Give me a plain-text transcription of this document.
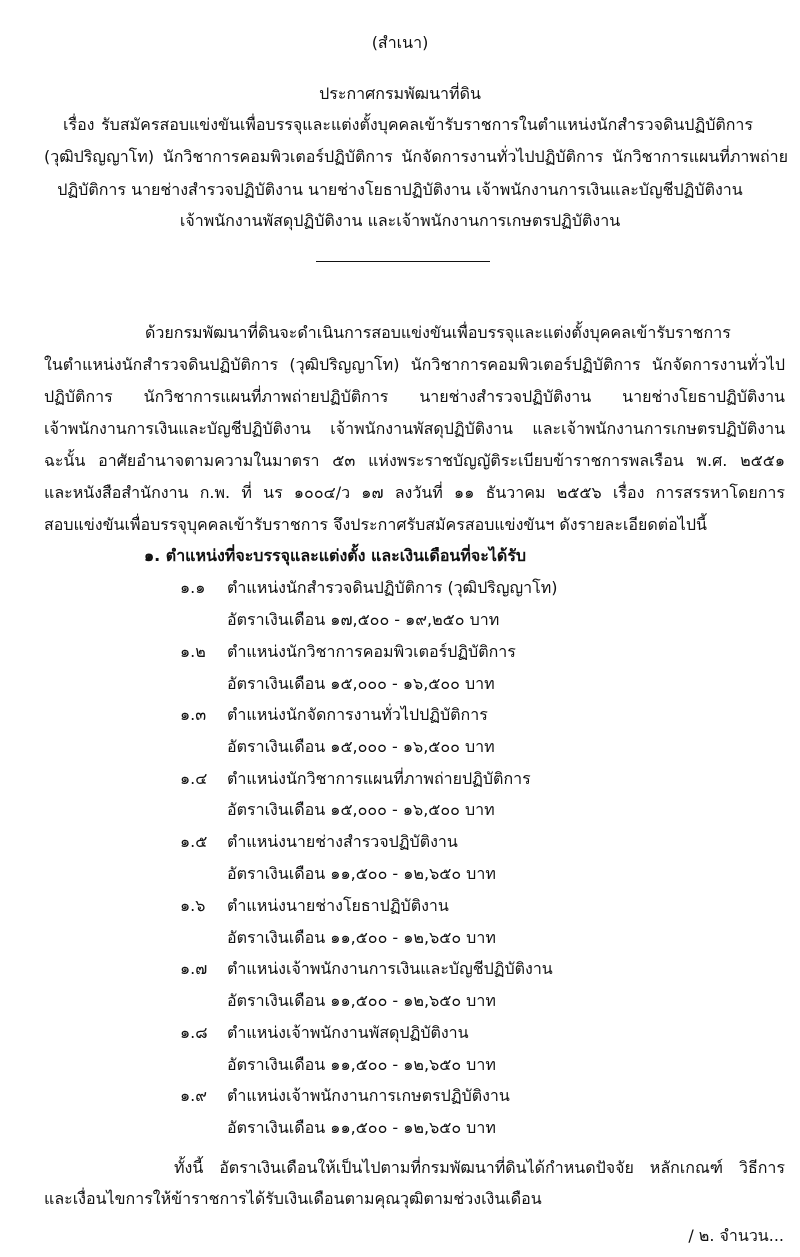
(สำเนา)
ประกาศกรมพัฒนาที่ดิน
เรื่อง รับสมัครสอบแข่งขันเพื่อบรรจุและแต่งตั้งบุคคลเข้ารับราชการในตำแหน่งนักสำรวจดินปฏิบัติการ
(วุฒิปริญญาโท) นักวิชาการคอมพิวเตอร์ปฏิบัติการ นักจัดการงานทั่วไปปฏิบัติการ นักวิชาการแผนที่ภาพถ่าย
ปฏิบัติการ นายช่างสำรวจปฏิบัติงาน นายช่างโยธาปฏิบัติงาน เจ้าพนักงานการเงินและบัญชีปฏิบัติงาน
เจ้าพนักงานพัสดุปฏิบัติงาน และเจ้าพนักงานการเกษตรปฏิบัติงาน
ด้วยกรมพัฒนาที่ดินจะดำเนินการสอบแข่งขันเพื่อบรรจุและแต่งตั้งบุคคลเข้ารับราชการ
ในตำแหน่งนักสำรวจดินปฏิบัติการ (วุฒิปริญญาโท) นักวิชาการคอมพิวเตอร์ปฏิบัติการ นักจัดการงานทั่วไป
ปฏิบัติการ นักวิชาการแผนที่ภาพถ่ายปฏิบัติการ นายช่างสำรวจปฏิบัติงาน นายช่างโยธาปฏิบัติงาน
เจ้าพนักงานการเงินและบัญชีปฏิบัติงาน เจ้าพนักงานพัสดุปฏิบัติงาน และเจ้าพนักงานการเกษตรปฏิบัติงาน
ฉะนั้น อาศัยอำนาจตามความในมาตรา ๕๓ แห่งพระราชบัญญัติระเบียบข้าราชการพลเรือน พ.ศ. ๒๕๕๑
และหนังสือสำนักงาน ก.พ. ที่ นร ๑๐๐๔/ว ๑๗ ลงวันที่ ๑๑ ธันวาคม ๒๕๕๖ เรื่อง การสรรหาโดยการ
สอบแข่งขันเพื่อบรรจุบุคคลเข้ารับราชการ จึงประกาศรับสมัครสอบแข่งขันฯ ดังรายละเอียดต่อไปนี้
๑. ตำแหน่งที่จะบรรจุและแต่งตั้ง และเงินเดือนที่จะได้รับ
๑.๑ ตำแหน่งนักสำรวจดินปฏิบัติการ (วุฒิปริญญาโท)
อัตราเงินเดือน ๑๗,๕๐๐ - ๑๙,๒๕๐ บาท
๑.๒ ตำแหน่งนักวิชาการคอมพิวเตอร์ปฏิบัติการ
อัตราเงินเดือน ๑๕,๐๐๐ - ๑๖,๕๐๐ บาท
๑.๓ ตำแหน่งนักจัดการงานทั่วไปปฏิบัติการ
อัตราเงินเดือน ๑๕,๐๐๐ - ๑๖,๕๐๐ บาท
๑.๔ ตำแหน่งนักวิชาการแผนที่ภาพถ่ายปฏิบัติการ
อัตราเงินเดือน ๑๕,๐๐๐ - ๑๖,๕๐๐ บาท
๑.๕ ตำแหน่งนายช่างสำรวจปฏิบัติงาน
อัตราเงินเดือน ๑๑,๕๐๐ - ๑๒,๖๕๐ บาท
๑.๖ ตำแหน่งนายช่างโยธาปฏิบัติงาน
อัตราเงินเดือน ๑๑,๕๐๐ - ๑๒,๖๕๐ บาท
๑.๗ ตำแหน่งเจ้าพนักงานการเงินและบัญชีปฏิบัติงาน
อัตราเงินเดือน ๑๑,๕๐๐ - ๑๒,๖๕๐ บาท
๑.๘ ตำแหน่งเจ้าพนักงานพัสดุปฏิบัติงาน
อัตราเงินเดือน ๑๑,๕๐๐ - ๑๒,๖๕๐ บาท
๑.๙ ตำแหน่งเจ้าพนักงานการเกษตรปฏิบัติงาน
อัตราเงินเดือน ๑๑,๕๐๐ - ๑๒,๖๕๐ บาท
ทั้งนี้ อัตราเงินเดือนให้เป็นไปตามที่กรมพัฒนาที่ดินได้กำหนดปัจจัย หลักเกณฑ์ วิธีการ
และเงื่อนไขการให้ข้าราชการได้รับเงินเดือนตามคุณวุฒิตามช่วงเงินเดือน
/ ๒. จำนวน...
